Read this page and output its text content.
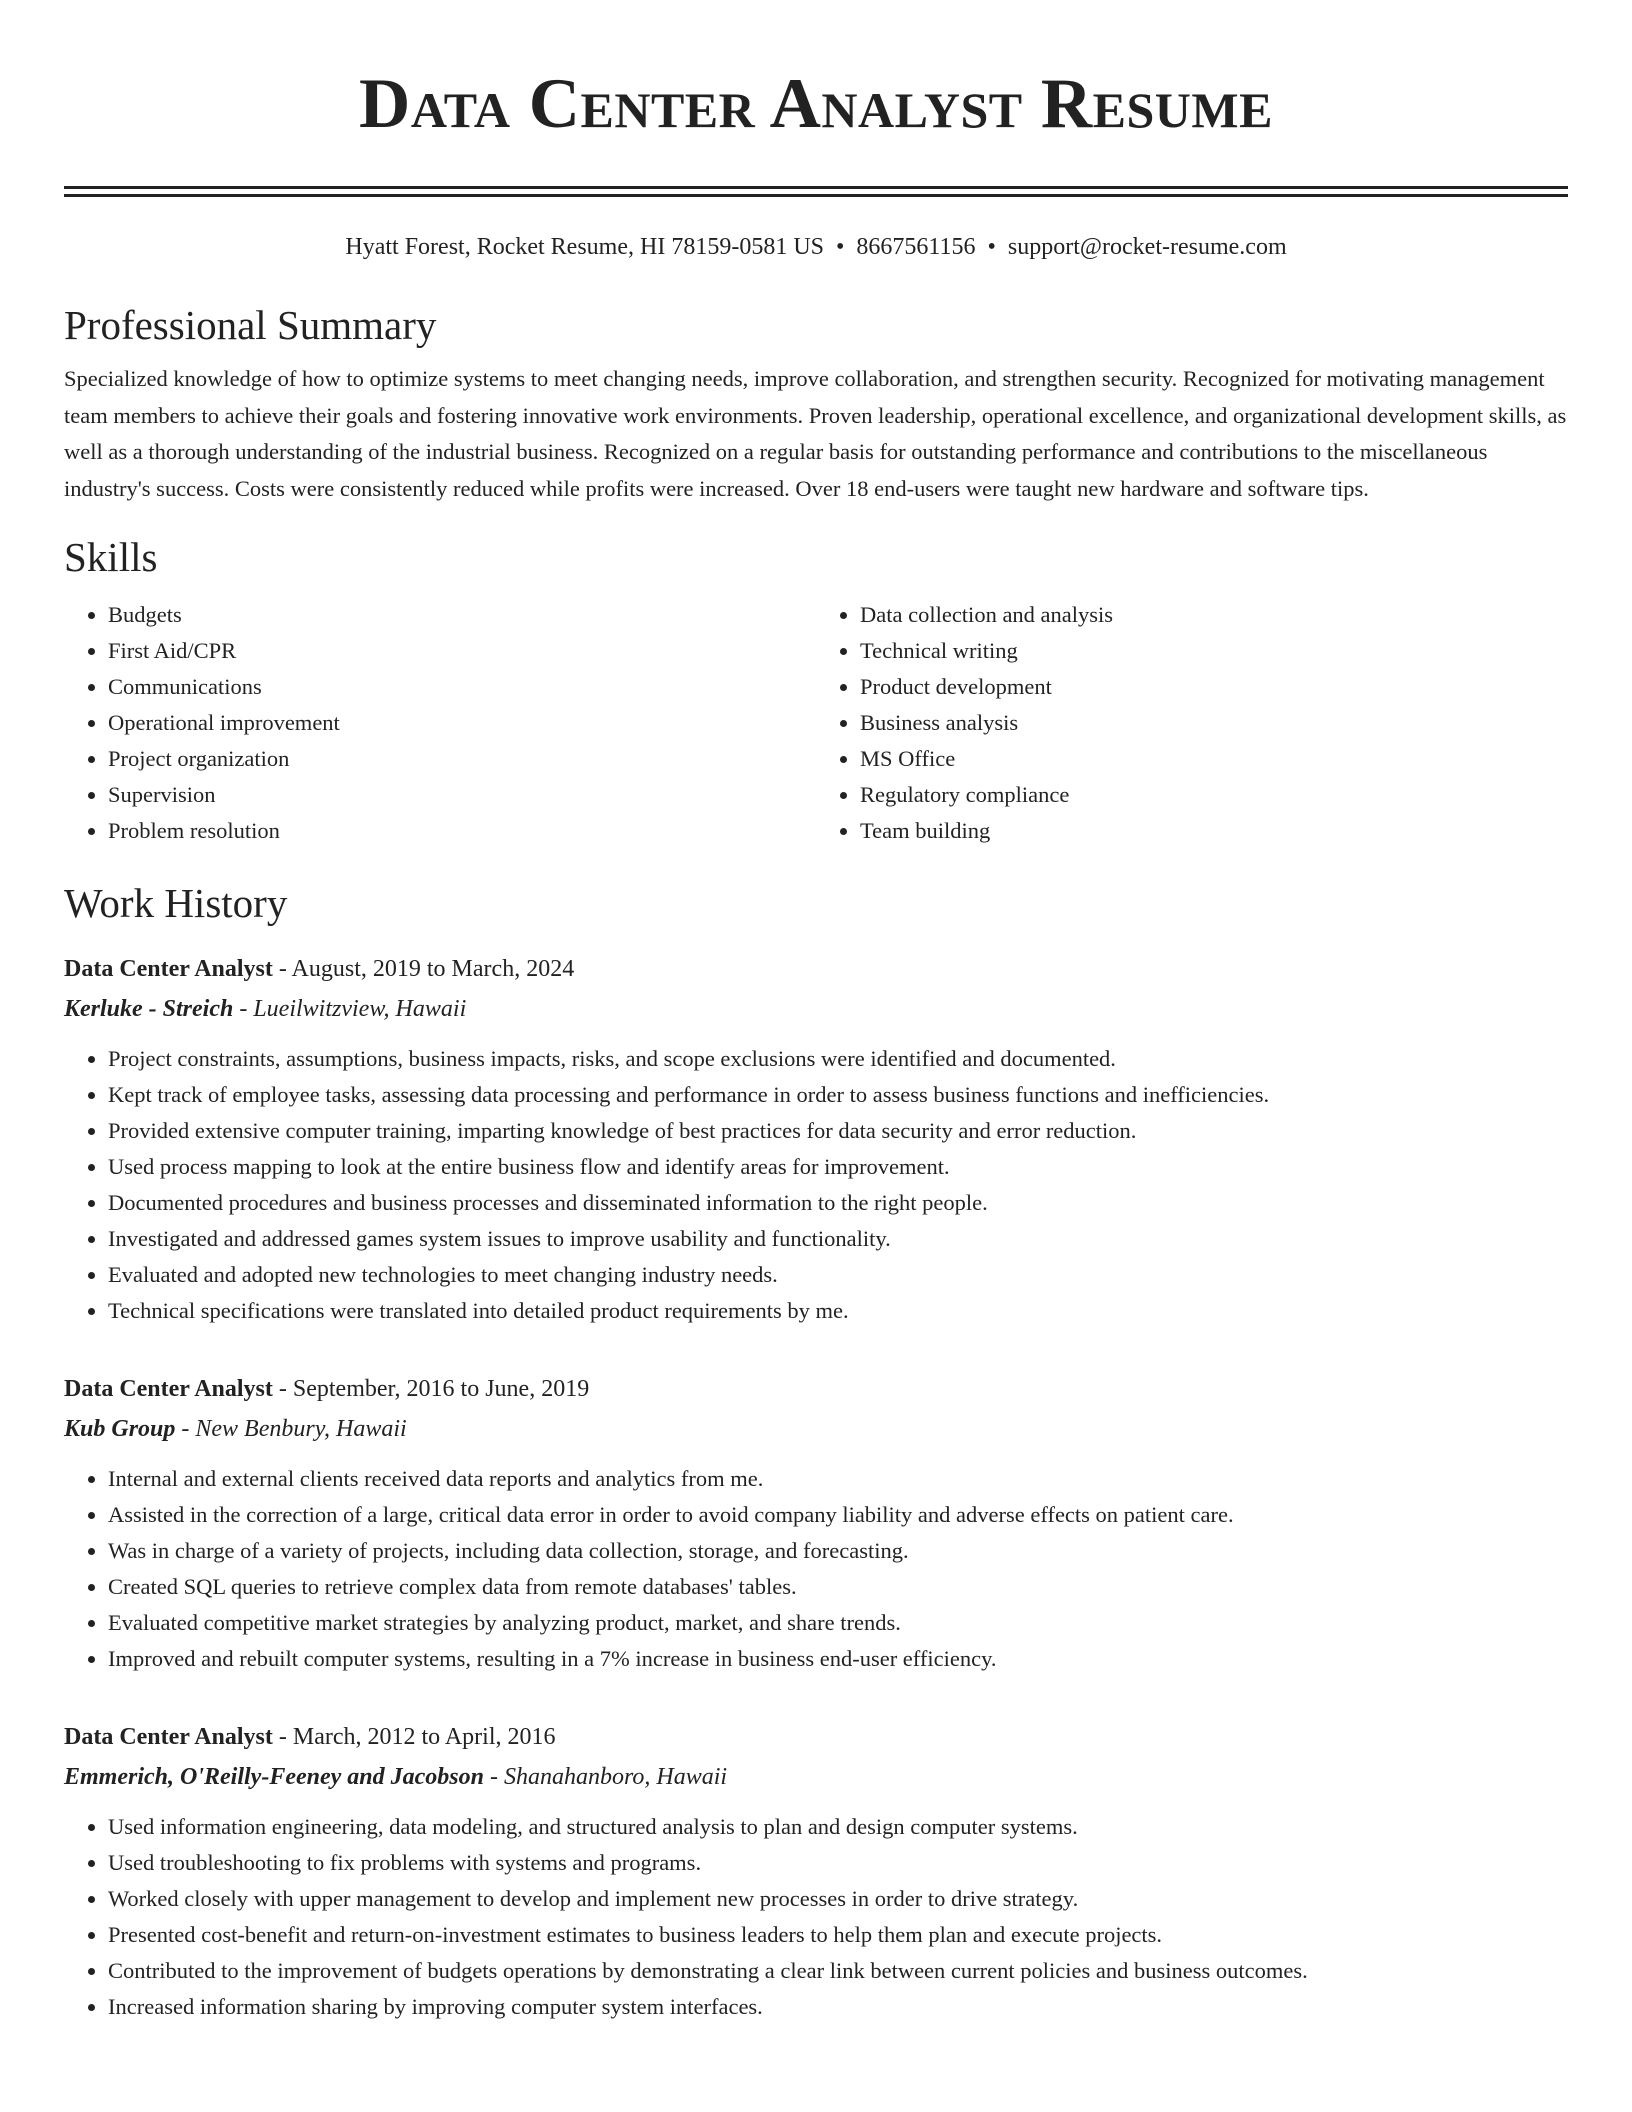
Data Center Analyst Resume
Hyatt Forest, Rocket Resume, HI 78159-0581 US • 8667561156 • support@rocket-resume.com
Professional Summary
Specialized knowledge of how to optimize systems to meet changing needs, improve collaboration, and strengthen security. Recognized for motivating management team members to achieve their goals and fostering innovative work environments. Proven leadership, operational excellence, and organizational development skills, as well as a thorough understanding of the industrial business. Recognized on a regular basis for outstanding performance and contributions to the miscellaneous industry's success. Costs were consistently reduced while profits were increased. Over 18 end-users were taught new hardware and software tips.
Skills
• Budgets
• First Aid/CPR
• Communications
• Operational improvement
• Project organization
• Supervision
• Problem resolution
• Data collection and analysis
• Technical writing
• Product development
• Business analysis
• MS Office
• Regulatory compliance
• Team building
Work History
Data Center Analyst - August, 2019 to March, 2024
Kerluke - Streich - Lueilwitzview, Hawaii
• Project constraints, assumptions, business impacts, risks, and scope exclusions were identified and documented.
• Kept track of employee tasks, assessing data processing and performance in order to assess business functions and inefficiencies.
• Provided extensive computer training, imparting knowledge of best practices for data security and error reduction.
• Used process mapping to look at the entire business flow and identify areas for improvement.
• Documented procedures and business processes and disseminated information to the right people.
• Investigated and addressed games system issues to improve usability and functionality.
• Evaluated and adopted new technologies to meet changing industry needs.
• Technical specifications were translated into detailed product requirements by me.
Data Center Analyst - September, 2016 to June, 2019
Kub Group - New Benbury, Hawaii
• Internal and external clients received data reports and analytics from me.
• Assisted in the correction of a large, critical data error in order to avoid company liability and adverse effects on patient care.
• Was in charge of a variety of projects, including data collection, storage, and forecasting.
• Created SQL queries to retrieve complex data from remote databases' tables.
• Evaluated competitive market strategies by analyzing product, market, and share trends.
• Improved and rebuilt computer systems, resulting in a 7% increase in business end-user efficiency.
Data Center Analyst - March, 2012 to April, 2016
Emmerich, O'Reilly-Feeney and Jacobson - Shanahanboro, Hawaii
• Used information engineering, data modeling, and structured analysis to plan and design computer systems.
• Used troubleshooting to fix problems with systems and programs.
• Worked closely with upper management to develop and implement new processes in order to drive strategy.
• Presented cost-benefit and return-on-investment estimates to business leaders to help them plan and execute projects.
• Contributed to the improvement of budgets operations by demonstrating a clear link between current policies and business outcomes.
• Increased information sharing by improving computer system interfaces.
